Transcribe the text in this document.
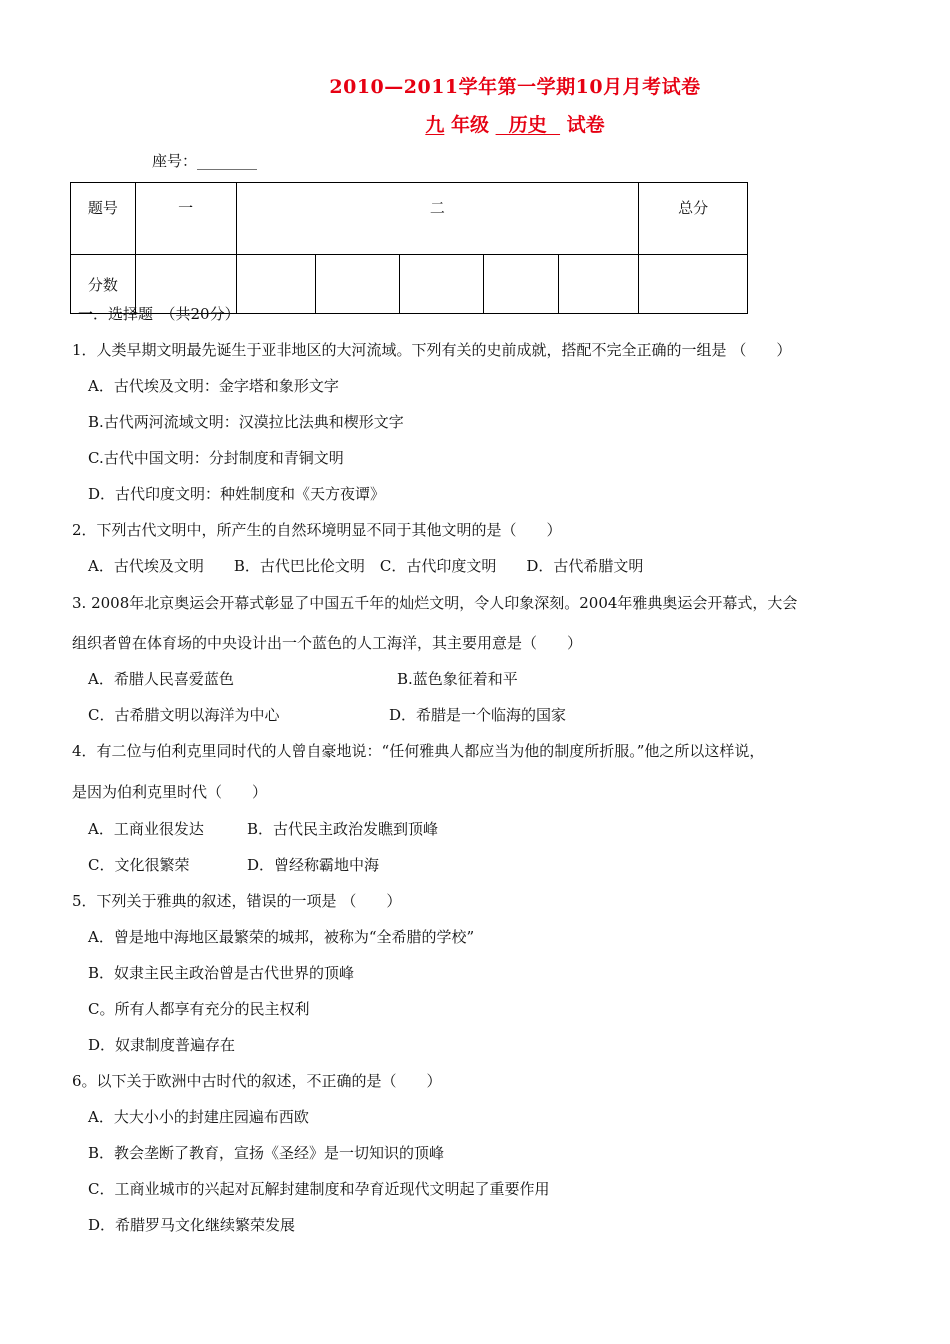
2010—2011学年第一学期10月月考试卷
九 年级   历史   试卷
座号：________
题号	一	二					总分
分数							
一．选择题　（共20分）
1．人类早期文明最先诞生于亚非地区的大河流域。下列有关的史前成就，搭配不完全正确的一组是 （　　）
A．古代埃及文明：金字塔和象形文字
B.古代两河流域文明：汉漠拉比法典和楔形文字
C.古代中国文明：分封制度和青铜文明
D．古代印度文明：种姓制度和《天方夜谭》
2．下列古代文明中，所产生的自然环境明显不同于其他文明的是（　　）
A．古代埃及文明　　B．古代巴比伦文明　C．古代印度文明　　D．古代希腊文明
3. 2008年北京奥运会开幕式彰显了中国五千年的灿烂文明，令人印象深刻。2004年雅典奥运会开幕式，大会
组织者曾在体育场的中央设计出一个蓝色的人工海洋，其主要用意是（　　）
A．希腊人民喜爱蓝色	B.蓝色象征着和平
C．古希腊文明以海洋为中心	D．希腊是一个临海的国家
4．有二位与伯利克里同时代的人曾自豪地说：“任何雅典人都应当为他的制度所折服。”他之所以这样说，
是因为伯利克里时代（　　）
A．工商业很发达	B．古代民主政治发瞧到顶峰
C．文化很繁荣	D．曾经称霸地中海
5．下列关于雅典的叙述，错误的一项是 （　　）
A．曾是地中海地区最繁荣的城邦，被称为“全希腊的学校”
B．奴隶主民主政治曾是古代世界的顶峰
C。所有人都享有充分的民主权利
D．奴隶制度普遍存在
6。以下关于欧洲中古时代的叙述，不正确的是（　　）
A．大大小小的封建庄园遍布西欧
B．教会垄断了教育，宣扬《圣经》是一切知识的顶峰
C．工商业城市的兴起对瓦解封建制度和孕育近现代文明起了重要作用
D．希腊罗马文化继续繁荣发展
